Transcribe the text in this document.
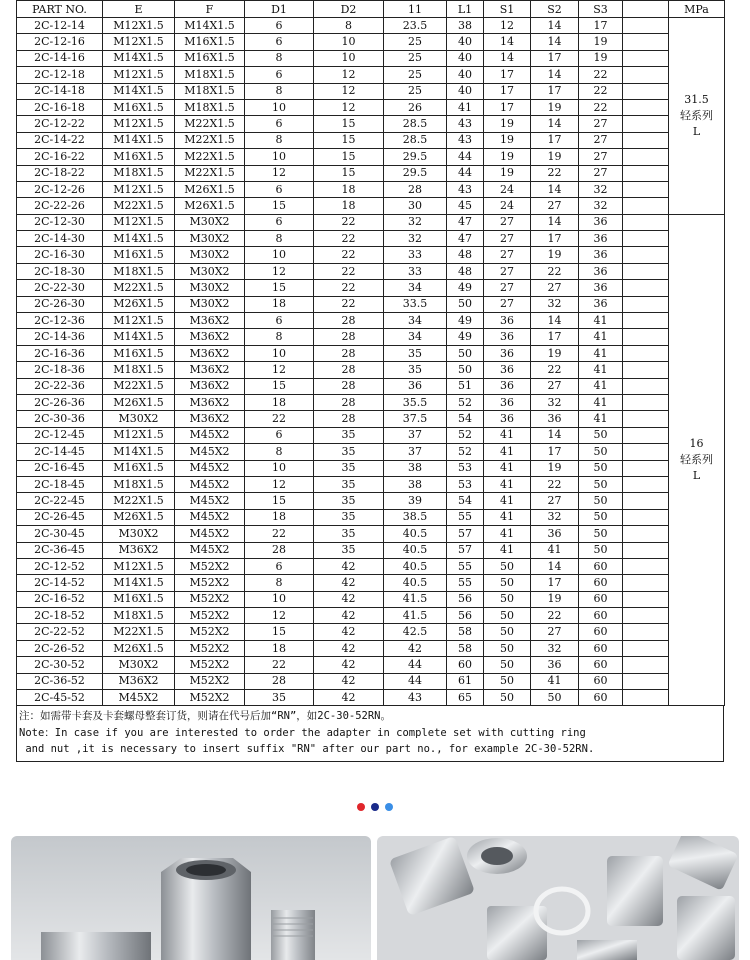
PART NO.	E	F	D1	D2	11	L1	S1	S2	S3		MPa
2C-12-14	M12X1.5	M14X1.5	6	8	23.5	38	12	14	17		31.5
轻系列
L

2C-12-16	M12X1.5	M16X1.5	6	10	25	40	14	14	19		
2C-14-16	M14X1.5	M16X1.5	8	10	25	40	14	17	19		
2C-12-18	M12X1.5	M18X1.5	6	12	25	40	17	14	22		
2C-14-18	M14X1.5	M18X1.5	8	12	25	40	17	17	22		
2C-16-18	M16X1.5	M18X1.5	10	12	26	41	17	19	22		
2C-12-22	M12X1.5	M22X1.5	6	15	28.5	43	19	14	27		
2C-14-22	M14X1.5	M22X1.5	8	15	28.5	43	19	17	27		
2C-16-22	M16X1.5	M22X1.5	10	15	29.5	44	19	19	27		
2C-18-22	M18X1.5	M22X1.5	12	15	29.5	44	19	22	27		
2C-12-26	M12X1.5	M26X1.5	6	18	28	43	24	14	32		
2C-22-26	M22X1.5	M26X1.5	15	18	30	45	24	27	32		
2C-12-30	M12X1.5	M30X2	6	22	32	47	27	14	36		16
轻系列
L

2C-14-30	M14X1.5	M30X2	8	22	32	47	27	17	36		
2C-16-30	M16X1.5	M30X2	10	22	33	48	27	19	36		
2C-18-30	M18X1.5	M30X2	12	22	33	48	27	22	36		
2C-22-30	M22X1.5	M30X2	15	22	34	49	27	27	36		
2C-26-30	M26X1.5	M30X2	18	22	33.5	50	27	32	36		
2C-12-36	M12X1.5	M36X2	6	28	34	49	36	14	41		
2C-14-36	M14X1.5	M36X2	8	28	34	49	36	17	41		
2C-16-36	M16X1.5	M36X2	10	28	35	50	36	19	41		
2C-18-36	M18X1.5	M36X2	12	28	35	50	36	22	41		
2C-22-36	M22X1.5	M36X2	15	28	36	51	36	27	41		
2C-26-36	M26X1.5	M36X2	18	28	35.5	52	36	32	41		
2C-30-36	M30X2	M36X2	22	28	37.5	54	36	36	41		
2C-12-45	M12X1.5	M45X2	6	35	37	52	41	14	50		
2C-14-45	M14X1.5	M45X2	8	35	37	52	41	17	50		
2C-16-45	M16X1.5	M45X2	10	35	38	53	41	19	50		
2C-18-45	M18X1.5	M45X2	12	35	38	53	41	22	50		
2C-22-45	M22X1.5	M45X2	15	35	39	54	41	27	50		
2C-26-45	M26X1.5	M45X2	18	35	38.5	55	41	32	50		
2C-30-45	M30X2	M45X2	22	35	40.5	57	41	36	50		
2C-36-45	M36X2	M45X2	28	35	40.5	57	41	41	50		
2C-12-52	M12X1.5	M52X2	6	42	40.5	55	50	14	60		
2C-14-52	M14X1.5	M52X2	8	42	40.5	55	50	17	60		
2C-16-52	M16X1.5	M52X2	10	42	41.5	56	50	19	60		
2C-18-52	M18X1.5	M52X2	12	42	41.5	56	50	22	60		
2C-22-52	M22X1.5	M52X2	15	42	42.5	58	50	27	60		
2C-26-52	M26X1.5	M52X2	18	42	42	58	50	32	60		
2C-30-52	M30X2	M52X2	22	42	44	60	50	36	60		
2C-36-52	M36X2	M52X2	28	42	44	61	50	41	60		
2C-45-52	M45X2	M52X2	35	42	43	65	50	50	60		
注：如需带卡套及卡套螺母整套订货，则请在代号后加“RN”，如2C-30-52RN。
Note：In case if you are interested to order the adapter in complete set with cutting ring
and nut ,it is necessary to insert suffix "RN" after our part no., for example 2C-30-52RN.
